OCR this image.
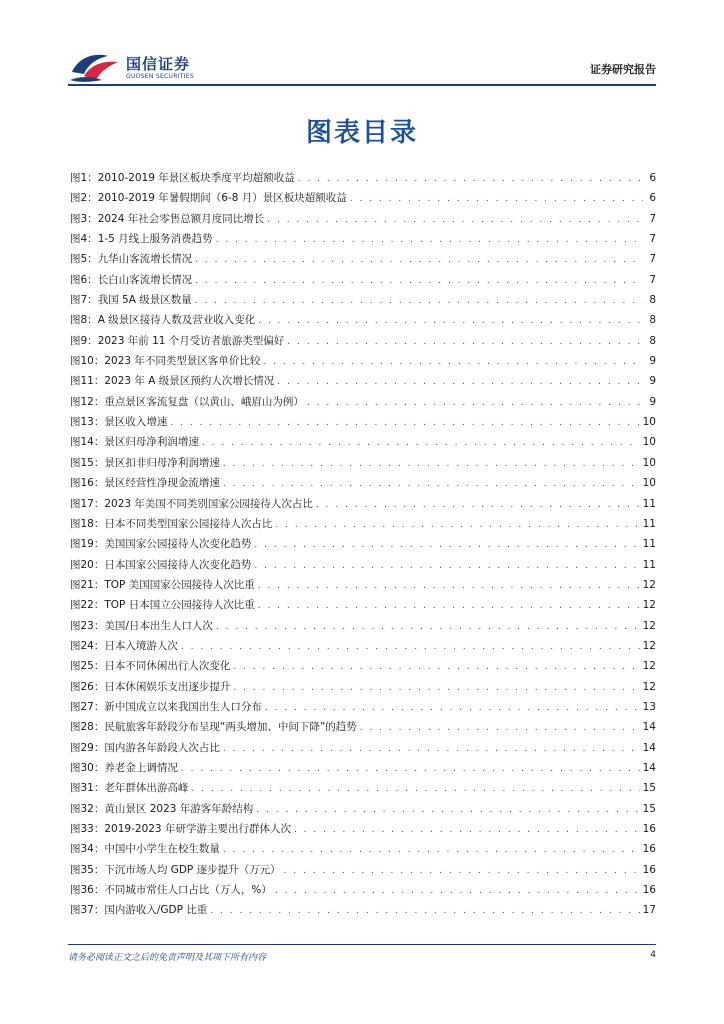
国信证券
GUOSEN SECURITIES
证券研究报告
图表目录
图1： 2010-2019 年景区板块季度平均超额收益 . . .	6
图2： 2010-2019 年暑假期间（6-8 月）景区板块超额收益 . . .	6
图3： 2024 年社会零售总额月度同比增长 . . .	7
图4： 1-5 月线上服务消费趋势 . . .	7
图5： 九华山客流增长情况 . . .	7
图6： 长白山客流增长情况 . . .	7
图7： 我国 5A 级景区数量 . . .	8
图8： A 级景区接待人数及营业收入变化 . . .	8
图9： 2023 年前 11 个月受访者旅游类型偏好 . . .	8
图10： 2023 年不同类型景区客单价比较 . . .	9
图11： 2023 年 A 级景区预约人次增长情况 . . .	9
图12： 重点景区客流复盘（以黄山、峨眉山为例） . . .	9
图13： 景区收入增速 . . .	10
图14： 景区归母净利润增速 . . .	10
图15： 景区扣非归母净利润增速 . . .	10
图16： 景区经营性净现金流增速 . . .	10
图17： 2023 年美国不同类别国家公园接待人次占比 . . .	11
图18： 日本不同类型国家公园接待人次占比 . . .	11
图19： 美国国家公园接待人次变化趋势 . . .	11
图20： 日本国家公园接待人次变化趋势 . . .	11
图21： TOP 美国国家公园接待人次比重 . . .	12
图22： TOP 日本国立公园接待人次比重 . . .	12
图23： 美国/日本出生人口人次 . . .	12
图24： 日本入境游人次 . . .	12
图25： 日本不同休闲出行人次变化 . . .	12
图26： 日本休闲娱乐支出逐步提升 . . .	12
图27： 新中国成立以来我国出生人口分布 . . .	13
图28： 民航旅客年龄段分布呈现“两头增加、中间下降”的趋势 . . .	14
图29： 国内游各年龄段人次占比 . . .	14
图30： 养老金上调情况 . . .	14
图31： 老年群体出游高峰 . . .	15
图32： 黄山景区 2023 年游客年龄结构 . . .	15
图33： 2019-2023 年研学游主要出行群体人次 . . .	16
图34： 中国中小学生在校生数量 . . .	16
图35： 下沉市场人均 GDP 逐步提升（万元） . . .	16
图36： 不同城市常住人口占比（万人，%） . . .	16
图37： 国内游收入/GDP 比重 . . .	17
请务必阅读正文之后的免责声明及其项下所有内容	4
